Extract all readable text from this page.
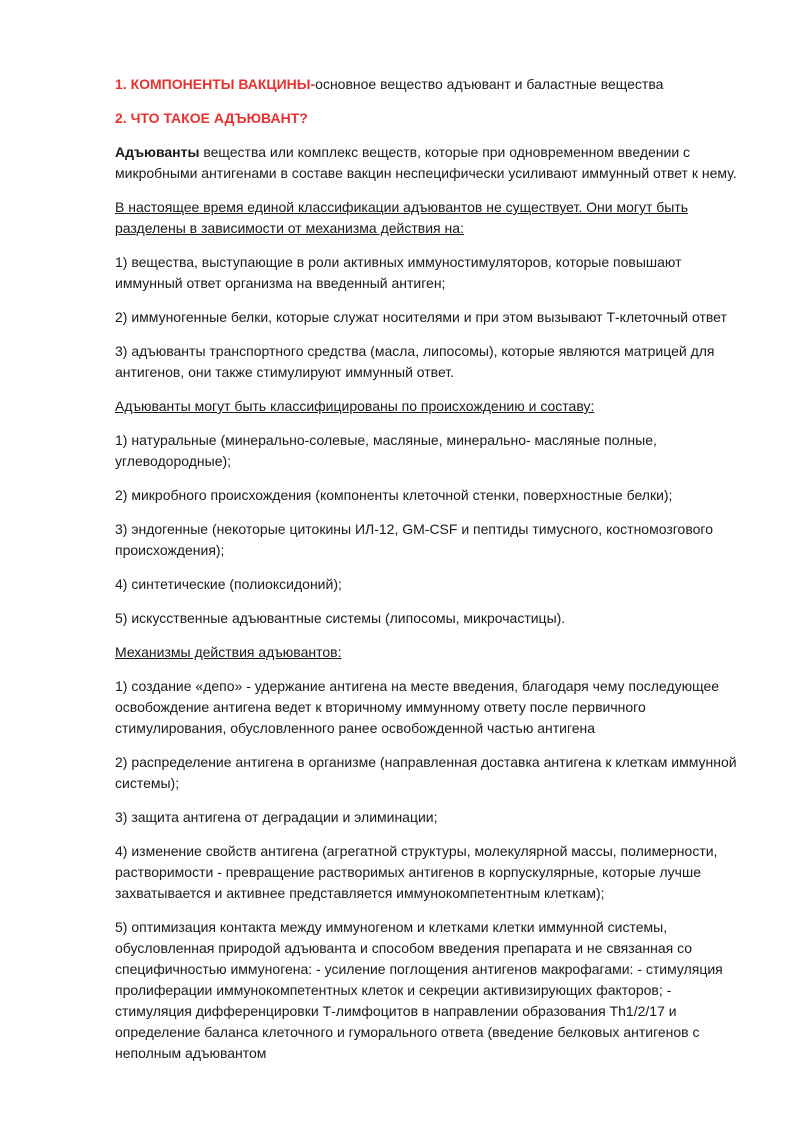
1. КОМПОНЕНТЫ ВАКЦИНЫ-основное вещество адъювант и баластные вещества

2. ЧТО ТАКОЕ АДЪЮВАНТ?

Адъюванты вещества или комплекс веществ, которые при одновременном введении с микробными антигенами в составе вакцин неспецифически усиливают иммунный ответ к нему.

В настоящее время единой классификации адъювантов не существует. Они могут быть разделены в зависимости от механизма действия на:

1) вещества, выступающие в роли активных иммуностимуляторов, которые повышают иммунный ответ организма на введенный антиген;

2) иммуногенные белки, которые служат носителями и при этом вызывают Т-клеточный ответ

3) адъюванты транспортного средства (масла, липосомы), которые являются матрицей для антигенов, они также стимулируют иммунный ответ.

Адъюванты могут быть классифицированы по происхождению и составу:

1) натуральные (минерально-солевые, масляные, минерально- масляные полные, углеводородные);

2) микробного происхождения (компоненты клеточной стенки, поверхностные белки);

3) эндогенные (некоторые цитокины ИЛ-12, GM-CSF и пептиды тимусного, костномозгового происхождения);

4) синтетические (полиоксидоний);

5) искусственные адъювантные системы (липосомы, микрочастицы).

Механизмы действия адъювантов:

1) создание «депо» - удержание антигена на месте введения, благодаря чему последующее освобождение антигена ведет к вторичному иммунному ответу после первичного стимулирования, обусловленного ранее освобожденной частью антигена

2) распределение антигена в организме (направленная доставка антигена к клеткам иммунной системы);

3) защита антигена от деградации и элиминации;

4) изменение свойств антигена (агрегатной структуры, молекулярной массы, полимерности, растворимости - превращение растворимых антигенов в корпускулярные, которые лучше захватывается и активнее представляется иммунокомпетентным клеткам);

5) оптимизация контакта между иммуногеном и клетками клетки иммунной системы, обусловленная природой адъюванта и способом введения препарата и не связанная со специфичностью иммуногена: - усиление поглощения антигенов макрофагами: - стимуляция пролиферации иммунокомпетентных клеток и секреции активизирующих факторов; - стимуляция дифференцировки Т-лимфоцитов в направлении образования Th1/2/17 и определение баланса клеточного и гуморального ответа (введение белковых антигенов с неполным адъювантом
